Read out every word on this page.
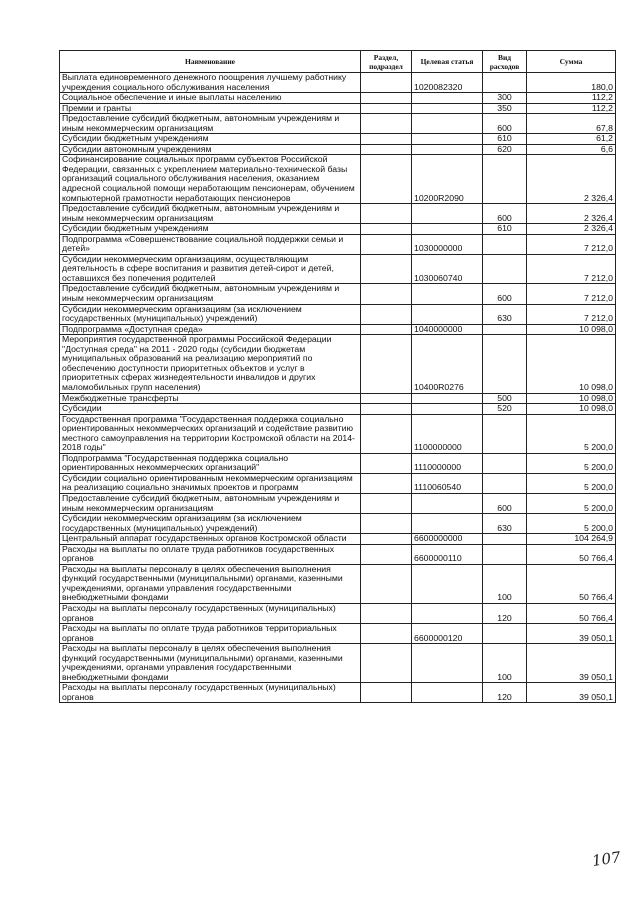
Наименование	Раздел, подраздел	Целевая статья	Вид расходов	Сумма
Выплата единовременного денежного поощрения лучшему работнику учреждения социального обслуживания населения		1020082320		180,0
Социальное обеспечение и иные выплаты населению			300	112,2
Премии и гранты			350	112,2
Предоставление субсидий бюджетным, автономным учреждениям и иным некоммерческим организациям			600	67,8
Субсидии бюджетным учреждениям			610	61,2
Субсидии автономным учреждениям			620	6,6
Софинансирование социальных программ субъектов Российской Федерации, связанных с укреплением материально-технической базы организаций социального обслуживания населения, оказанием адресной социальной помощи неработающим пенсионерам, обучением компьютерной грамотности неработающих пенсионеров		10200R2090		2 326,4
Предоставление субсидий бюджетным, автономным учреждениям и иным некоммерческим организациям			600	2 326,4
Субсидии бюджетным учреждениям			610	2 326,4
Подпрограмма «Совершенствование социальной поддержки семьи и детей»		1030000000		7 212,0
Субсидии некоммерческим организациям, осуществляющим деятельность в сфере воспитания и развития детей-сирот и детей, оставшихся без попечения родителей		1030060740		7 212,0
Предоставление субсидий бюджетным, автономным учреждениям и иным некоммерческим организациям			600	7 212,0
Субсидии некоммерческим организациям (за исключением государственных (муниципальных) учреждений)			630	7 212,0
Подпрограмма «Доступная среда»		1040000000		10 098,0
Мероприятия государственной программы Российской Федерации "Доступная среда" на 2011 - 2020 годы (субсидии бюджетам муниципальных образований на реализацию мероприятий по обеспечению доступности приоритетных объектов и услуг в приоритетных сферах жизнедеятельности инвалидов и других маломобильных групп населения)		10400R0276		10 098,0
Межбюджетные трансферты			500	10 098,0
Субсидии			520	10 098,0
Государственная программа "Государственная поддержка социально ориентированных некоммерческих организаций и содействие развитию местного самоуправления на территории Костромской области на 2014-2018 годы"		1100000000		5 200,0
Подпрограмма "Государственная поддержка социально ориентированных некоммерческих организаций"		1110000000		5 200,0
Субсидии социально ориентированным некоммерческим организациям на реализацию социально значимых проектов и программ		1110060540		5 200,0
Предоставление субсидий бюджетным, автономным учреждениям и иным некоммерческим организациям			600	5 200,0
Субсидии некоммерческим организациям (за исключением государственных (муниципальных) учреждений)			630	5 200,0
Центральный аппарат государственных органов Костромской области		6600000000		104 264,9
Расходы на выплаты по оплате труда работников государственных органов		6600000110		50 766,4
Расходы на выплаты персоналу в целях обеспечения выполнения функций государственными (муниципальными) органами, казенными учреждениями, органами управления государственными внебюджетными фондами			100	50 766,4
Расходы на выплаты персоналу государственных (муниципальных) органов			120	50 766,4
Расходы на выплаты по оплате труда работников территориальных органов		6600000120		39 050,1
Расходы на выплаты персоналу в целях обеспечения выполнения функций государственными (муниципальными) органами, казенными учреждениями, органами управления государственными внебюджетными фондами			100	39 050,1
Расходы на выплаты персоналу государственных (муниципальных) органов			120	39 050,1
107
